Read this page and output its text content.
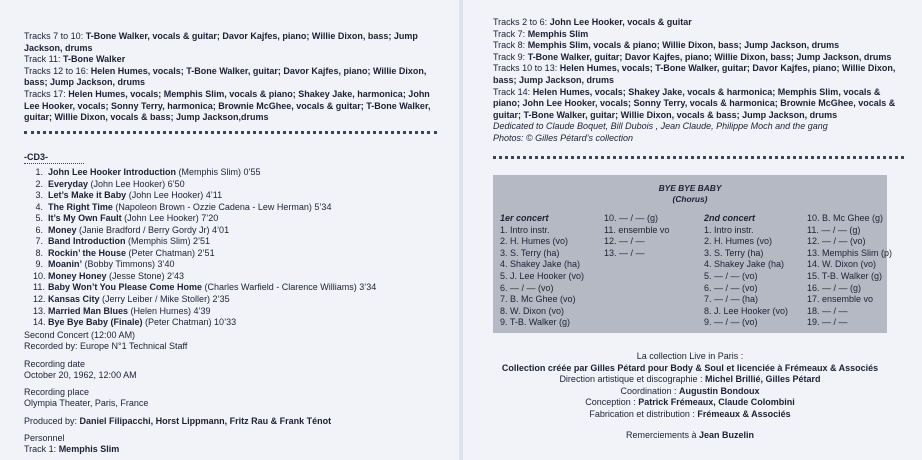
Tracks 7 to 10: T-Bone Walker, vocals & guitar; Davor Kajfes, piano; Willie Dixon, bass; Jump Jackson, drums

Track 11: T-Bone Walker

Tracks 12 to 16: Helen Humes, vocals; T-Bone Walker, guitar; Davor Kajfes, piano; Willie Dixon, bass; Jump Jackson, drums

Tracks 17: Helen Humes, vocals; Memphis Slim, vocals & piano; Shakey Jake, harmonica; John Lee Hooker, vocals; Sonny Terry, harmonica; Brownie McGhee, vocals & guitar; T-Bone Walker, guitar; Willie Dixon, vocals & bass; Jump Jackson,drums

-CD3-
1. John Lee Hooker Introduction (Memphis Slim) 0’55
2. Everyday (John Lee Hooker) 6’50
3. Let’s Make it Baby (John Lee Hooker) 4’11
4. The Right Time (Napoleon Brown - Ozzie Cadena - Lew Herman) 5’34
5. It’s My Own Fault (John Lee Hooker) 7’20
6. Money (Janie Bradford / Berry Gordy Jr) 4’01
7. Band Introduction (Memphis Slim) 2’51
8. Rockin’ the House (Peter Chatman) 2’51
9. Moanin’ (Bobby Timmons) 3’40
10. Money Honey (Jesse Stone) 2’43
11. Baby Won’t You Please Come Home (Charles Warfield - Clarence Williams) 3’34
12. Kansas City (Jerry Leiber / Mike Stoller) 2’35
13. Married Man Blues (Helen Humes) 4’39
14. Bye Bye Baby (Finale) (Peter Chatman) 10’33

Second Concert (12:00 AM)

Recorded by: Europe N°1 Technical Staff

Recording date

October 20, 1962, 12:00 AM

Recording place

Olympia Theater, Paris, France

Produced by: Daniel Filipacchi, Horst Lippmann, Fritz Rau & Frank Ténot

Personnel

Track 1: Memphis Slim

Tracks 2 to 6: John Lee Hooker, vocals & guitar

Track 7: Memphis Slim

Track 8: Memphis Slim, vocals & piano; Willie Dixon, bass; Jump Jackson, drums

Track 9: T-Bone Walker, guitar; Davor Kajfes, piano; Willie Dixon, bass; Jump Jackson, drums

Tracks 10 to 13: Helen Humes, vocals; T-Bone Walker, guitar; Davor Kajfes, piano; Willie Dixon, bass; Jump Jackson, drums

Track 14: Helen Humes, vocals; Shakey Jake, vocals & harmonica; Memphis Slim, vocals & piano; John Lee Hooker, vocals; Sonny Terry, vocals & harmonica; Brownie McGhee, vocals & guitar; T-Bone Walker, guitar; Willie Dixon, vocals & bass; Jump Jackson, drums

Dedicated to Claude Boquet, Bill Dubois , Jean Claude, Philippe Moch and the gang

Photos: © Gilles Pétard’s collection

BYE BYE BABY
(Chorus)
1er concert
1. Intro instr.
2. H. Humes (vo)
3. S. Terry (ha)
4. Shakey Jake (ha)
5. J. Lee Hooker (vo)
6. — / — (vo)
7. B. Mc Ghee (vo)
8. W. Dixon (vo)
9. T-B. Walker (g)
10. — / — (g)
11. ensemble vo
12. — / —
13. — / —
2nd concert
1. Intro instr.
2. H. Humes (vo)
3. S. Terry (ha)
4. Shakey Jake (ha)
5. — / — (vo)
6. — / — (vo)
7. — / — (ha)
8. J. Lee Hooker (vo)
9. — / — (vo)
10. B. Mc Ghee (g)
11. — / — (g)
12. — / — (vo)
13. Memphis Slim (p)
14. W. Dixon (vo)
15. T-B. Walker (g)
16. — / — (g)
17. ensemble vo
18. — / —
19. — / —

La collection Live in Paris :

Collection créée par Gilles Pétard pour Body & Soul et licenciée à Frémeaux & Associés

Direction artistique et discographie : Michel Brillié, Gilles Pétard

Coordination : Augustin Bondoux

Conception : Patrick Frémeaux, Claude Colombini

Fabrication et distribution : Frémeaux & Associés

Remerciements à Jean Buzelin
